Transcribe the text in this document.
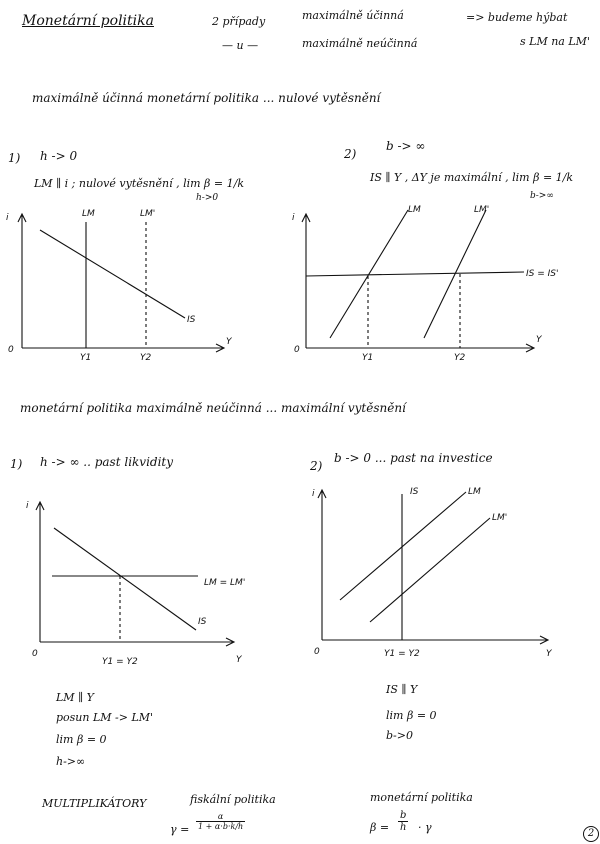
Monetární politika	2 případy	maximálně účinná
— u —	maximálně neúčinná
=> budeme hýbat
s LM na LM'
maximálně účinná monetární politika ... nulové vytěsnění
1) h -> 0
LM ∥ i ; nulové vytěsnění , lim β = 1/k
h->0
2)
b -> ∞
IS ∥ Y , ΔY je maximální , lim β = 1/k
b->∞
i	LM	LM'
IS
Y
0
Y1	Y2
i
LM	LM'
IS = IS'
Y
0
Y1	Y2
monetární politika maximálně neúčinná ... maximální vytěsnění
1) h -> ∞ .. past likvidity	2)
b -> 0 ... past na investice
i
LM = LM'
IS
Y
0
Y1 = Y2
i	IS	LM
LM'
Y
0	Y1 = Y2
LM ∥ Y
posun LM -> LM'
lim β = 0
h->∞
IS ∥ Y
lim β = 0
b->0
MULTIPLIKÁTORY	fiskální politika
$\gamma = \frac{\alpha}{1 + \alpha\cdot b\cdot k/h}$
monetární politika
$\beta = \frac{b}{h} \cdot \gamma$	2
